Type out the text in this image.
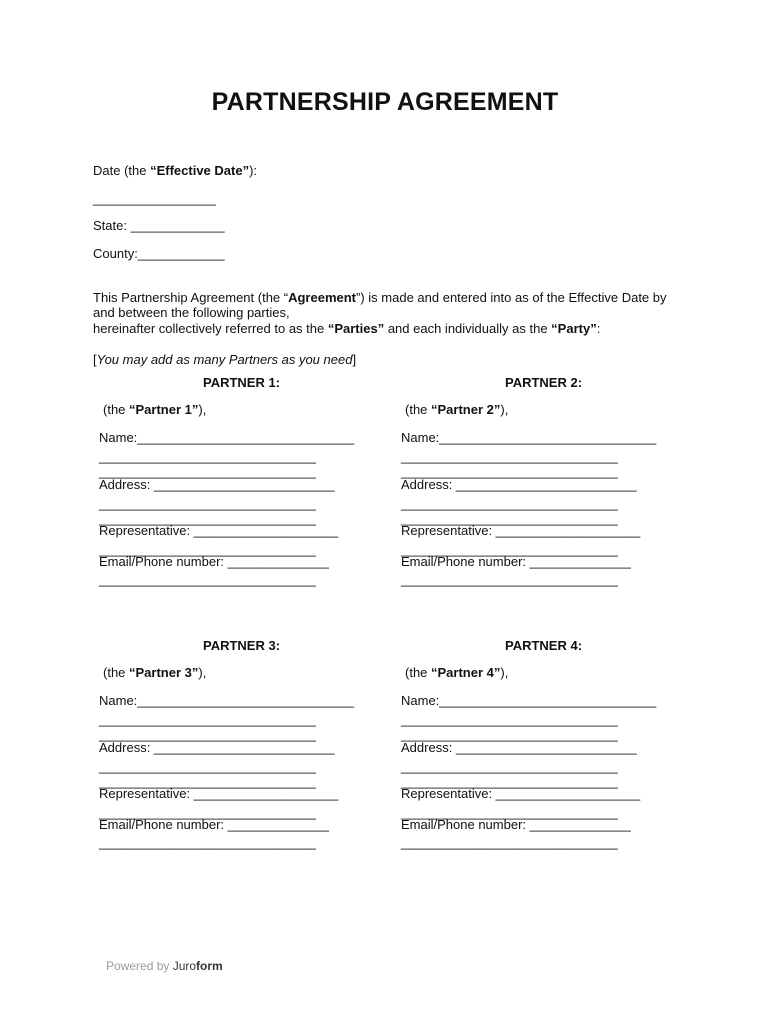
PARTNERSHIP AGREEMENT
Date (the “Effective Date”):
_________________
State: _____________
County:____________
This Partnership Agreement (the “Agreement”) is made and entered into as of the Effective Date by and between the following parties,
hereinafter collectively referred to as the “Parties” and each individually as the “Party”:
[You may add as many Partners as you need]
PARTNER 1:
(the “Partner 1”),
Name:______________________________
______________________________
______________________________
Address: _________________________
______________________________
______________________________
Representative: ____________________
______________________________
Email/Phone number: ______________
______________________________
PARTNER 2:
(the “Partner 2”),
Name:______________________________
______________________________
______________________________
Address: _________________________
______________________________
______________________________
Representative: ____________________
______________________________
Email/Phone number: ______________
______________________________
PARTNER 3:
(the “Partner 3”),
Name:______________________________
______________________________
______________________________
Address: _________________________
______________________________
______________________________
Representative: ____________________
______________________________
Email/Phone number: ______________
______________________________
PARTNER 4:
(the “Partner 4”),
Name:______________________________
______________________________
______________________________
Address: _________________________
______________________________
______________________________
Representative: ____________________
______________________________
Email/Phone number: ______________
______________________________
Powered by Juroform
